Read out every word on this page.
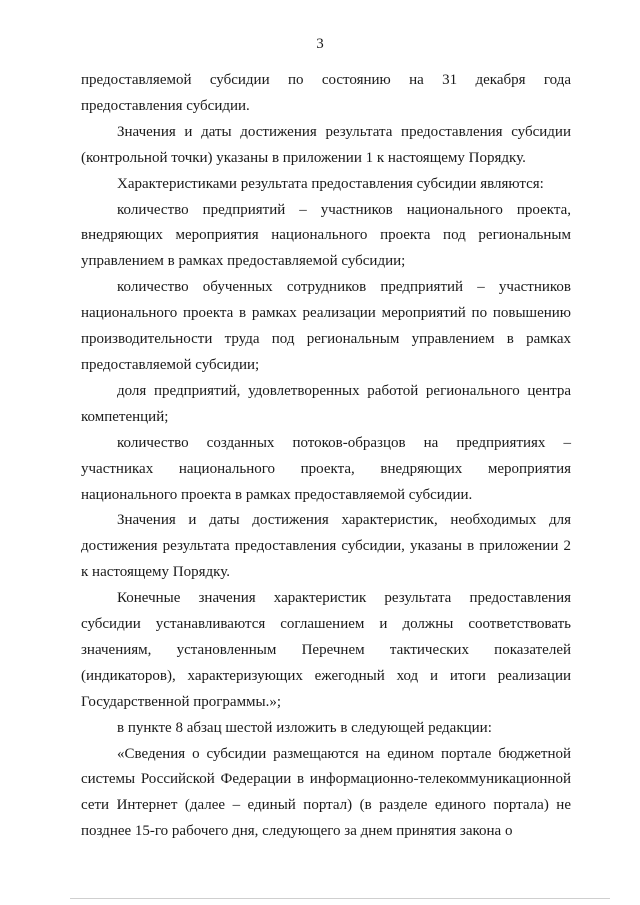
3

предоставляемой субсидии по состоянию на 31 декабря года предоставления субсидии.

Значения и даты достижения результата предоставления субсидии (контрольной точки) указаны в приложении 1 к настоящему Порядку.

Характеристиками результата предоставления субсидии являются:

количество предприятий – участников национального проекта, внедряющих мероприятия национального проекта под региональным управлением в рамках предоставляемой субсидии;

количество обученных сотрудников предприятий – участников национального проекта в рамках реализации мероприятий по повышению производительности труда под региональным управлением в рамках предоставляемой субсидии;

доля предприятий, удовлетворенных работой регионального центра компетенций;

количество созданных потоков-образцов на предприятиях – участниках национального проекта, внедряющих мероприятия национального проекта в рамках предоставляемой субсидии.

Значения и даты достижения характеристик, необходимых для достижения результата предоставления субсидии, указаны в приложении 2 к настоящему Порядку.

Конечные значения характеристик результата предоставления субсидии устанавливаются соглашением и должны соответствовать значениям, установленным Перечнем тактических показателей (индикаторов), характеризующих ежегодный ход и итоги реализации Государственной программы.»;

в пункте 8 абзац шестой изложить в следующей редакции:

«Сведения о субсидии размещаются на едином портале бюджетной системы Российской Федерации в информационно-телекоммуникационной сети Интернет (далее – единый портал) (в разделе единого портала) не позднее 15-го рабочего дня, следующего за днем принятия закона о
